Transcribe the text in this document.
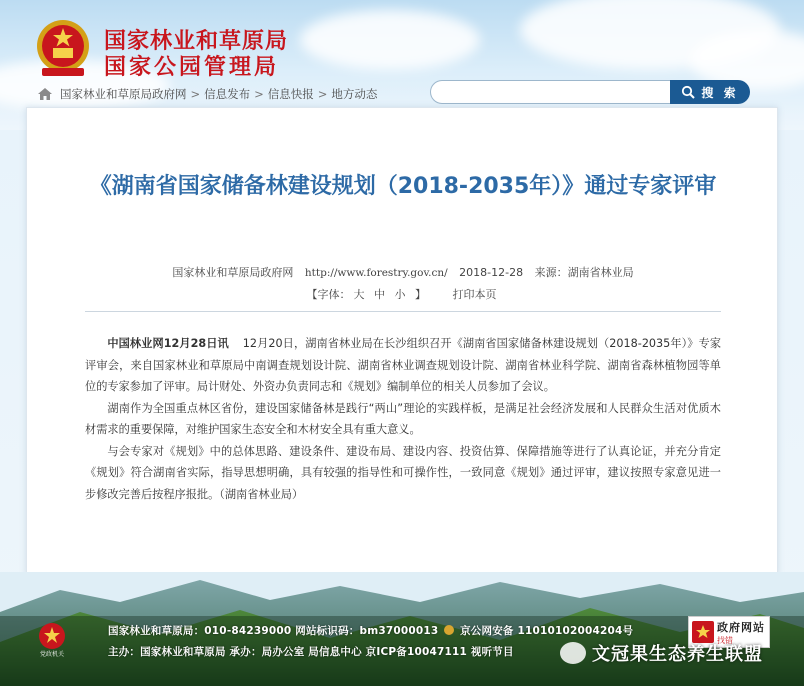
国家林业和草原局
国家公园管理局
国家林业和草原局政府网 > 信息发布 > 信息快报 > 地方动态	搜 索
《湖南省国家储备林建设规划（2018-2035年）》通过专家评审
国家林业和草原局政府网 http://www.forestry.gov.cn/ 2018-12-28 来源：湖南省林业局
【字体： 大 中 小 】 打印本页

中国林业网12月28日讯 12月20日，湖南省林业局在长沙组织召开《湖南省国家储备林建设规划（2018-2035年）》专家评审会，来自国家林业和草原局中南调查规划设计院、湖南省林业调查规划设计院、湖南省林业科学院、湖南省森林植物园等单位的专家参加了评审。局计财处、外资办负责同志和《规划》编制单位的相关人员参加了会议。

湖南作为全国重点林区省份，建设国家储备林是践行“两山”理论的实践样板，是满足社会经济发展和人民群众生活对优质木材需求的重要保障，对维护国家生态安全和木材安全具有重大意义。

与会专家对《规划》中的总体思路、建设条件、建设布局、建设内容、投资估算、保障措施等进行了认真论证，并充分肯定《规划》符合湖南省实际，指导思想明确，具有较强的指导性和可操作性，一致同意《规划》通过评审，建议按照专家意见进一步修改完善后按程序报批。（湖南省林业局）

党政机关
国家林业和草原局：010-84239000 网站标识码：bm37000013 京公网安备 11010102004204号
主办：国家林业和草原局 承办：局办公室 局信息中心 京ICP备10047111 视听节目
政府网站
找错
文冠果生态养生联盟
